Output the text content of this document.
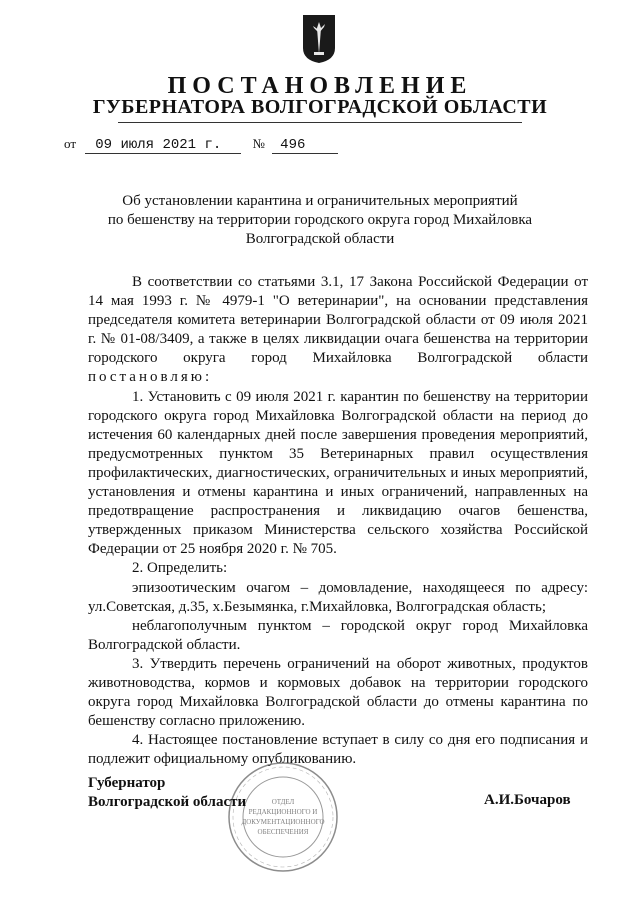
ПОСТАНОВЛЕНИЕ
ГУБЕРНАТОРА ВОЛГОГРАДСКОЙ ОБЛАСТИ
от 09 июля 2021 г. № 496
Об установлении карантина и ограничительных мероприятий
по бешенству на территории городского округа город Михайловка
Волгоградской области

В соответствии со статьями 3.1, 17 Закона Российской Федерации от 14 мая 1993 г. № 4979-1 "О ветеринарии", на основании представления председателя комитета ветеринарии Волгоградской области от 09 июля 2021 г. № 01-08/3409, а также в целях ликвидации очага бешенства на территории городского округа город Михайловка Волгоградской области постановляю:

1. Установить с 09 июля 2021 г. карантин по бешенству на территории городского округа город Михайловка Волгоградской области на период до истечения 60 календарных дней после завершения проведения мероприятий, предусмотренных пунктом 35 Ветеринарных правил осуществления профилактических, диагностических, ограничительных и иных мероприятий, установления и отмены карантина и иных ограничений, направленных на предотвращение распространения и ликвидацию очагов бешенства, утвержденных приказом Министерства сельского хозяйства Российской Федерации от 25 ноября 2020 г. № 705.

2. Определить:

эпизоотическим очагом – домовладение, находящееся по адресу: ул.Советская, д.35, х.Безымянка, г.Михайловка, Волгоградская область;

неблагополучным пунктом – городской округ город Михайловка Волгоградской области.

3. Утвердить перечень ограничений на оборот животных, продуктов животноводства, кормов и кормовых добавок на территории городского округа город Михайловка Волгоградской области до отмены карантина по бешенству согласно приложению.

4. Настоящее постановление вступает в силу со дня его подписания и подлежит официальному опубликованию.

ОТДЕЛ
РЕДАКЦИОННОГО И
ДОКУМЕНТАЦИОННОГО
ОБЕСПЕЧЕНИЯ
Губернатор
Волгоградской области	А.И.Бочаров
